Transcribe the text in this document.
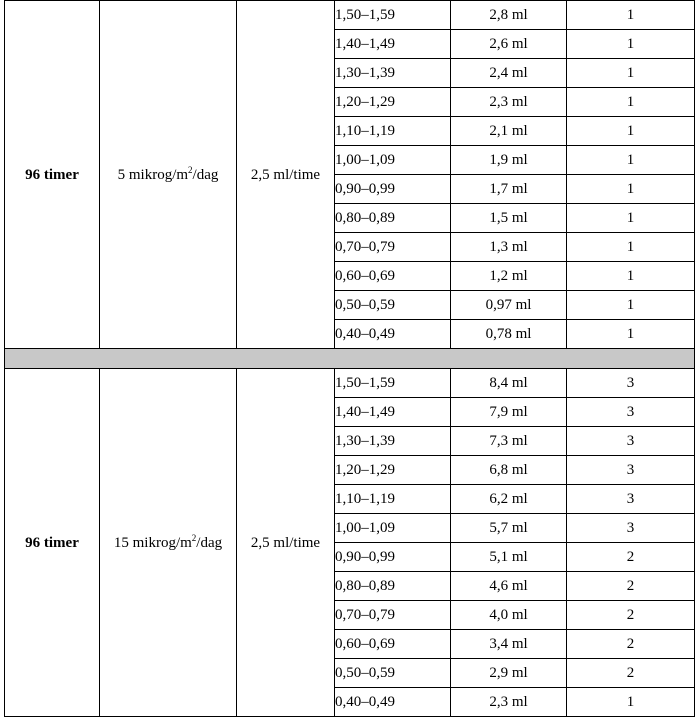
96 timer	5 mikrog/$m^2$/dag	2,5 ml/time	1,50–1,59	2,8 ml	1
			1,40–1,49	2,6 ml	1
			1,30–1,39	2,4 ml	1
			1,20–1,29	2,3 ml	1
			1,10–1,19	2,1 ml	1
			1,00–1,09	1,9 ml	1
			0,90–0,99	1,7 ml	1
			0,80–0,89	1,5 ml	1
			0,70–0,79	1,3 ml	1
			0,60–0,69	1,2 ml	1
			0,50–0,59	0,97 ml	1
			0,40–0,49	0,78 ml	1

96 timer	15 mikrog/$m^2$/dag	2,5 ml/time	1,50–1,59	8,4 ml	3
			1,40–1,49	7,9 ml	3
			1,30–1,39	7,3 ml	3
			1,20–1,29	6,8 ml	3
			1,10–1,19	6,2 ml	3
			1,00–1,09	5,7 ml	3
			0,90–0,99	5,1 ml	2
			0,80–0,89	4,6 ml	2
			0,70–0,79	4,0 ml	2
			0,60–0,69	3,4 ml	2
			0,50–0,59	2,9 ml	2
			0,40–0,49	2,3 ml	1
